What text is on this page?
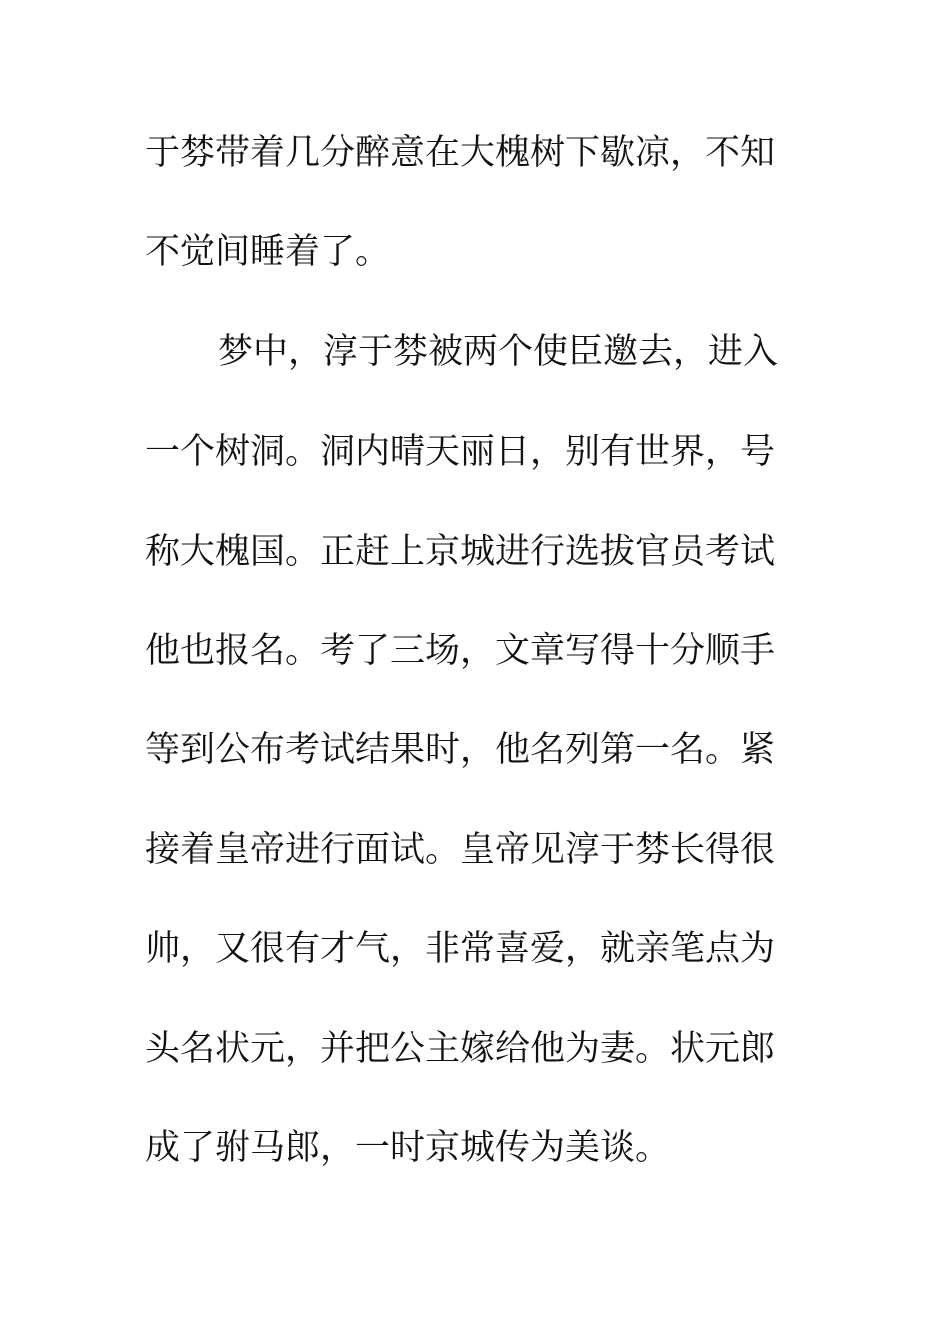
于棼带着几分醉意在大槐树下歇凉，不知
不觉间睡着了。
梦中，淳于棼被两个使臣邀去，进入
一个树洞。洞内晴天丽日，别有世界，号
称大槐国。正赶上京城进行选拔官员考试
他也报名。考了三场，文章写得十分顺手
等到公布考试结果时，他名列第一名。紧
接着皇帝进行面试。皇帝见淳于棼长得很
帅，又很有才气，非常喜爱，就亲笔点为
头名状元，并把公主嫁给他为妻。状元郎
成了驸马郎，一时京城传为美谈。
